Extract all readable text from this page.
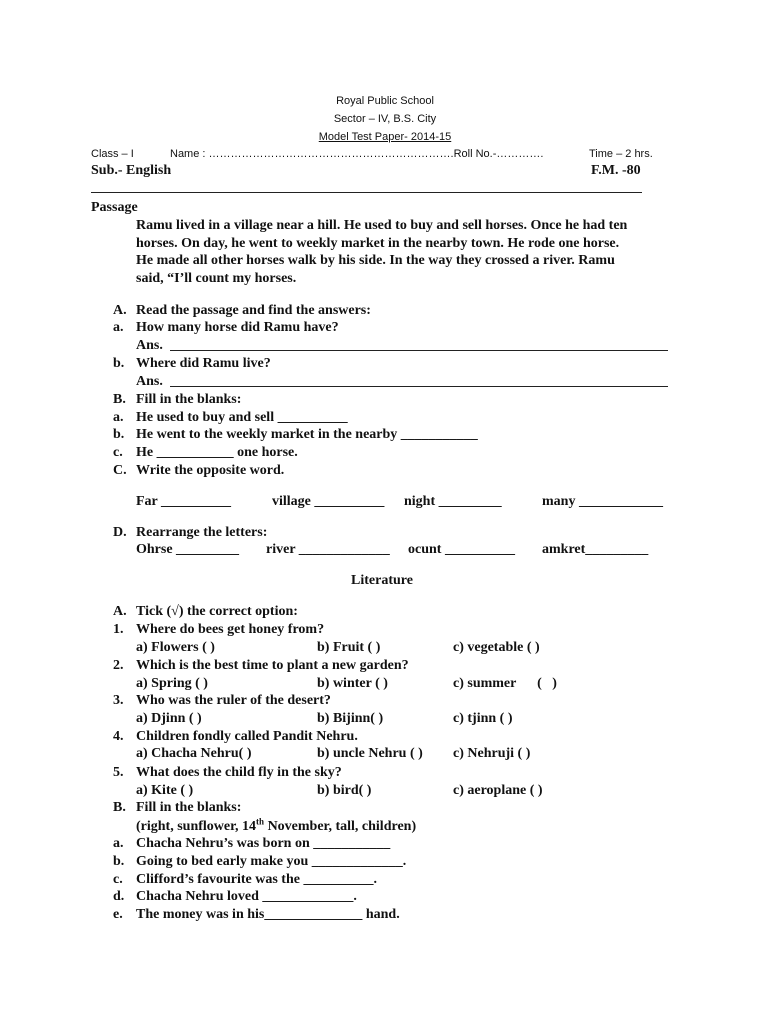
Royal Public School
Sector – IV, B.S. City
Model Test Paper- 2014-15
Class – I	Name : ………………………………………………………….Roll No.-………….	Time – 2 hrs.
Sub.- English	F.M. -80
Passage
Ramu lived in a village near a hill. He used to buy and sell horses. Once he had ten
horses. On day, he went to weekly market in the nearby town. He rode one horse.
He made all other horses walk by his side. In the way they crossed a river. Ramu
said, “I’ll count my horses.
A. Read the passage and find the answers:
a. How many horse did Ramu have?
Ans.
b. Where did Ramu live?
Ans.
B. Fill in the blanks:
a. He used to buy and sell __________
b. He went to the weekly market in the nearby ___________
c. He ___________ one horse.
C. Write the opposite word.
Far __________	village __________ night _________	many ____________
D. Rearrange the letters:
Ohrse _________ river _____________ ocunt __________ amkret_________
Literature
A. Tick (√) the correct option:
1. Where do bees get honey from?
a) Flowers ( )	b) Fruit ( )	c) vegetable ( )
2. Which is the best time to plant a new garden?
a) Spring ( )	b) winter ( )	c) summer      (   )
3. Who was the ruler of the desert?
a) Djinn ( )	b) Bijinn( )	c) tjinn ( )
4. Children fondly called Pandit Nehru.
a) Chacha Nehru( )	b) uncle Nehru ( ) c) Nehruji ( )
5. What does the child fly in the sky?
a) Kite ( )	b) bird( )	c) aeroplane ( )
B. Fill in the blanks:
(right, sunflower, 14th November, tall, children)
a. Chacha Nehru’s was born on ___________
b. Going to bed early make you _____________.
c. Clifford’s favourite was the __________.
d. Chacha Nehru loved _____________.
e. The money was in his______________ hand.
